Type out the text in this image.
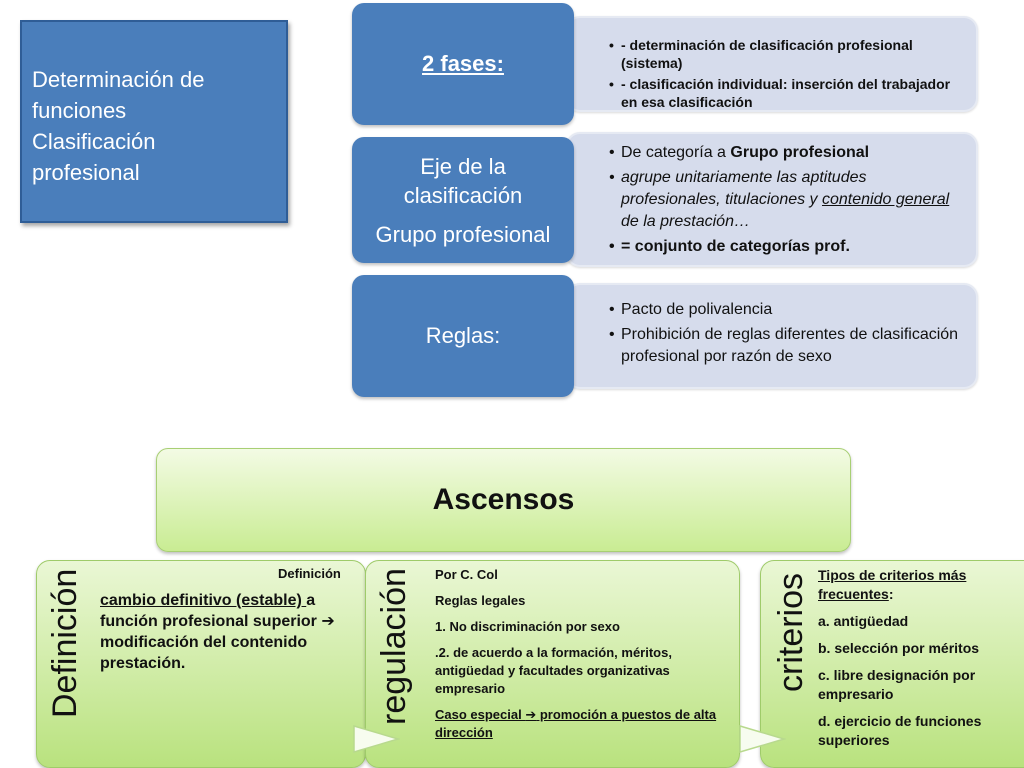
Determinación de
funciones
Clasificación
profesional
• - determinación de clasificación profesional (sistema)
• - clasificación individual: inserción del trabajador en esa clasificación
2 fases:
• De categoría a Grupo profesional
• agrupe unitariamente las aptitudes profesionales, titulaciones y contenido general de la prestación…
• = conjunto de categorías prof.
Eje de la
clasificación
Grupo profesional
• Pacto de polivalencia
• Prohibición de reglas diferentes de clasificación profesional por razón de sexo
Reglas:
Ascensos
Definición	Definición
cambio definitivo (estable) a función profesional superior ➔ modificación del contenido prestación.	regulación Por C. Col

Reglas legales

1. No discriminación por sexo

.2. de acuerdo a la formación, méritos, antigüedad y facultades organizativas empresario

Caso especial ➔ promoción a puestos de alta dirección

criterios Tipos de criterios más frecuentes:

a. antigüedad

b. selección por méritos

c. libre designación por empresario

d. ejercicio de funciones superiores
